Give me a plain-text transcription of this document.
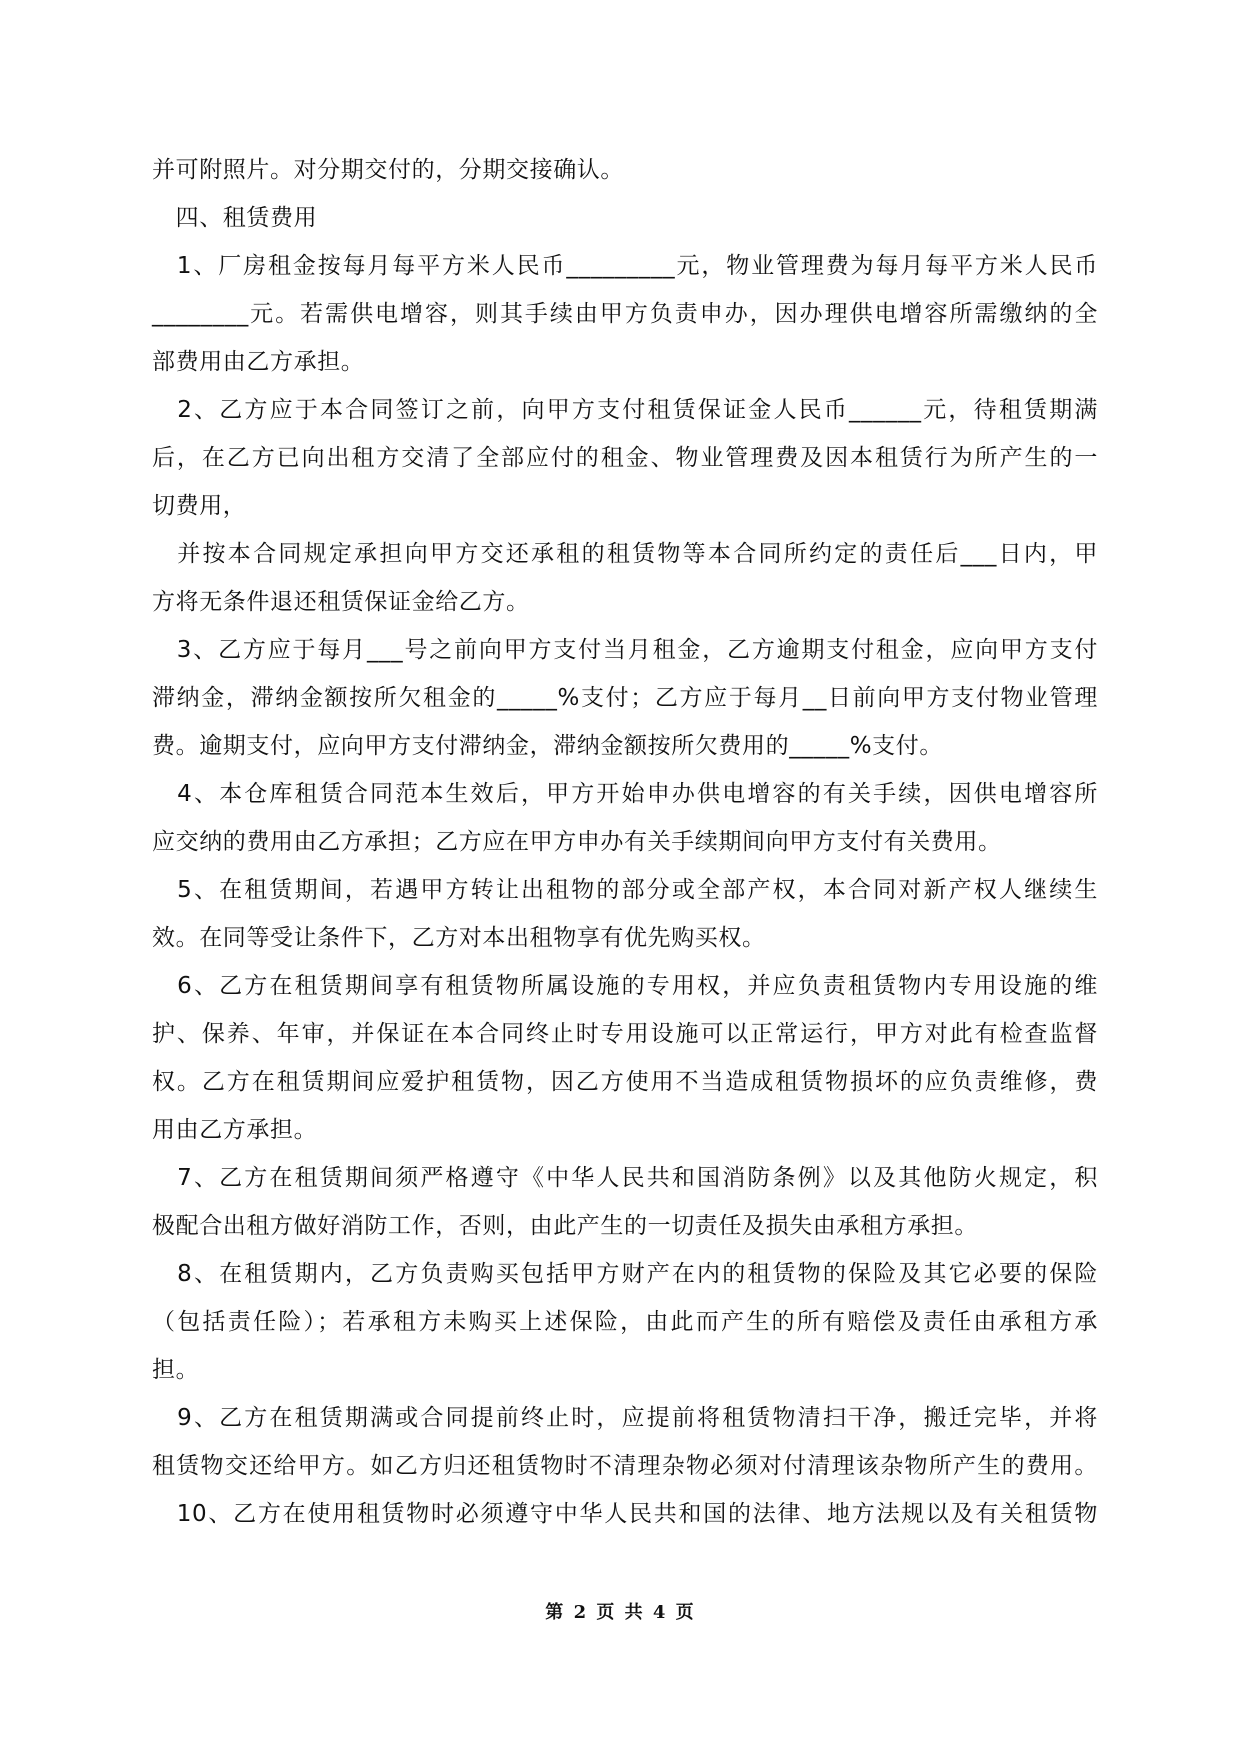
并可附照片。对分期交付的，分期交接确认。
　四、租赁费用
　1、厂房租金按每月每平方米人民币_________元，物业管理费为每月每平方米人民币
________元。若需供电增容，则其手续由甲方负责申办，因办理供电增容所需缴纳的全
部费用由乙方承担。
　2、乙方应于本合同签订之前，向甲方支付租赁保证金人民币______元，待租赁期满
后，在乙方已向出租方交清了全部应付的租金、物业管理费及因本租赁行为所产生的一
切费用，
　并按本合同规定承担向甲方交还承租的租赁物等本合同所约定的责任后___日内，甲
方将无条件退还租赁保证金给乙方。
　3、乙方应于每月___号之前向甲方支付当月租金，乙方逾期支付租金，应向甲方支付
滞纳金，滞纳金额按所欠租金的_____%支付；乙方应于每月__日前向甲方支付物业管理
费。逾期支付，应向甲方支付滞纳金，滞纳金额按所欠费用的_____%支付。
　4、本仓库租赁合同范本生效后，甲方开始申办供电增容的有关手续，因供电增容所
应交纳的费用由乙方承担；乙方应在甲方申办有关手续期间向甲方支付有关费用。
　5、在租赁期间，若遇甲方转让出租物的部分或全部产权，本合同对新产权人继续生
效。在同等受让条件下，乙方对本出租物享有优先购买权。
　6、乙方在租赁期间享有租赁物所属设施的专用权，并应负责租赁物内专用设施的维
护、保养、年审，并保证在本合同终止时专用设施可以正常运行，甲方对此有检查监督
权。乙方在租赁期间应爱护租赁物，因乙方使用不当造成租赁物损坏的应负责维修，费
用由乙方承担。
　7、乙方在租赁期间须严格遵守《中华人民共和国消防条例》以及其他防火规定，积
极配合出租方做好消防工作，否则，由此产生的一切责任及损失由承租方承担。
　8、在租赁期内，乙方负责购买包括甲方财产在内的租赁物的保险及其它必要的保险
（包括责任险）；若承租方未购买上述保险，由此而产生的所有赔偿及责任由承租方承
担。
　9、乙方在租赁期满或合同提前终止时，应提前将租赁物清扫干净，搬迁完毕，并将
租赁物交还给甲方。如乙方归还租赁物时不清理杂物必须对付清理该杂物所产生的费用。
　10、乙方在使用租赁物时必须遵守中华人民共和国的法律、地方法规以及有关租赁物
第 2 页 共 4 页
